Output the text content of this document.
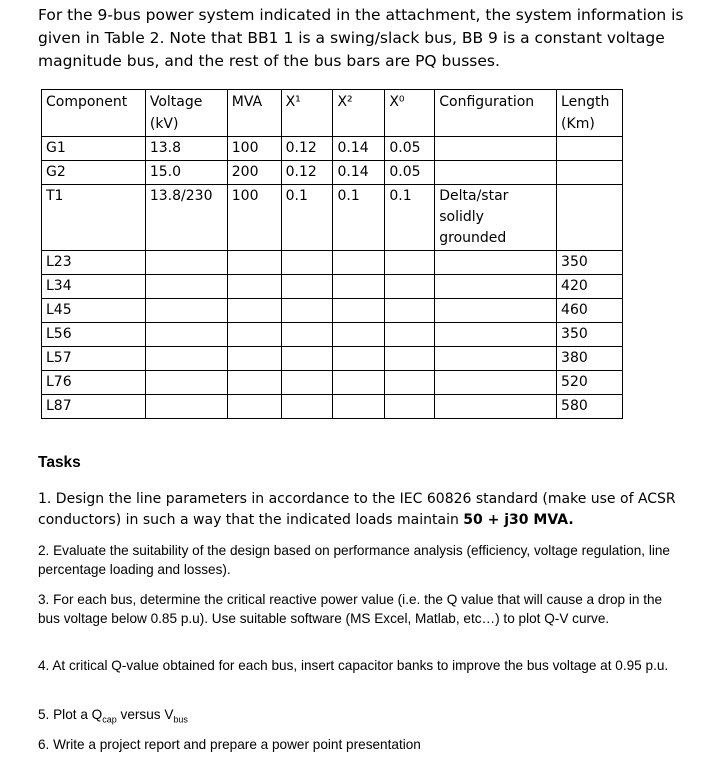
For the 9-bus power system indicated in the attachment, the system information is given in Table 2. Note that BB1 1 is a swing/slack bus, BB 9 is a constant voltage magnitude bus, and the rest of the bus bars are PQ busses.
Component	Voltage (kV)	MVA	X¹	X²	X⁰	Configuration	Length (Km)
G1	13.8	100	0.12	0.14	0.05		
G2	15.0	200	0.12	0.14	0.05		
T1	13.8/230	100	0.1	0.1	0.1	Delta/star solidly grounded	
L23							350
L34							420
L45							460
L56							350
L57							380
L76							520
L87							580
Tasks
1. Design the line parameters in accordance to the IEC 60826 standard (make use of ACSR conductors) in such a way that the indicated loads maintain 50 + j30 MVA.
2. Evaluate the suitability of the design based on performance analysis (efficiency, voltage regulation, line percentage loading and losses).
3. For each bus, determine the critical reactive power value (i.e. the Q value that will cause a drop in the bus voltage below 0.85 p.u). Use suitable software (MS Excel, Matlab, etc…) to plot Q-V curve.
4. At critical Q-value obtained for each bus, insert capacitor banks to improve the bus voltage at 0.95 p.u.
5. Plot a $Q_{cap}$ versus $V_{bus}$
6. Write a project report and prepare a power point presentation
